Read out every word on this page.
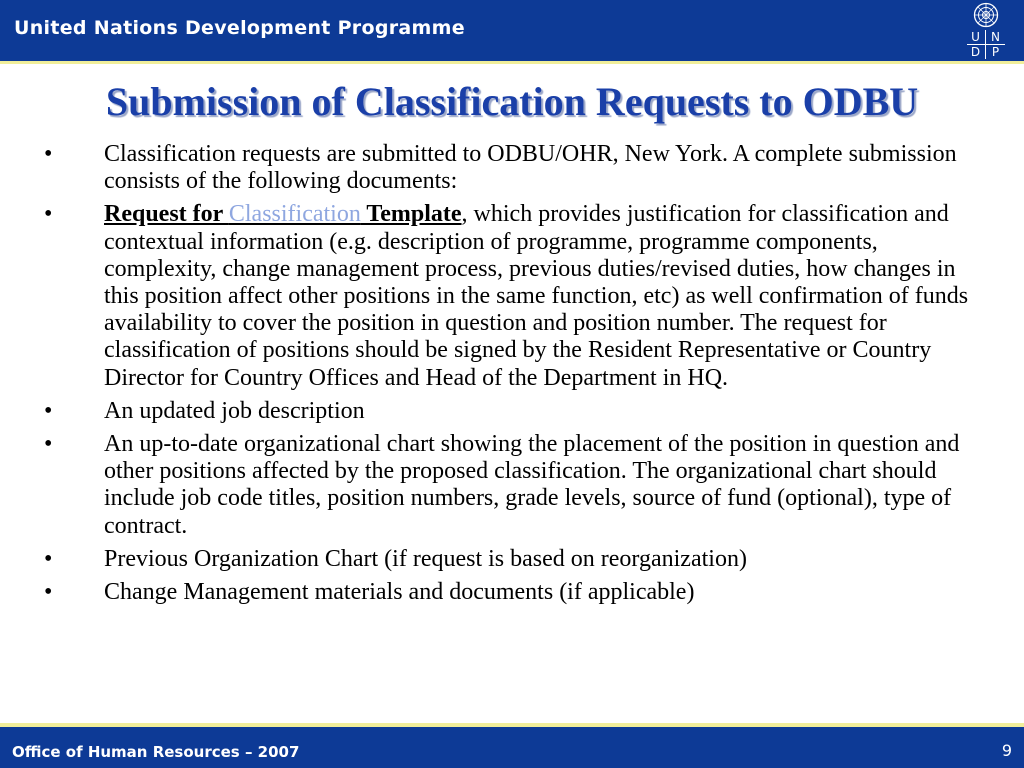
United Nations Development Programme	U N
D P
Submission of Classification Requests to ODBU
• Classification requests are submitted to ODBU/OHR, New York. A complete submission consists of the following documents:
• Request for Classification Template, which provides justification for classification and contextual information (e.g. description of programme, programme components, complexity, change management process, previous duties/revised duties, how changes in this position affect other positions in the same function, etc) as well confirmation of funds availability to cover the position in question and position number. The request for classification of positions should be signed by the Resident Representative or Country Director for Country Offices and Head of the Department in HQ.
• An updated job description
• An up-to-date organizational chart showing the placement of the position in question and other positions affected by the proposed classification. The organizational chart should include job code titles, position numbers, grade levels, source of fund (optional), type of contract.
• Previous Organization Chart (if request is based on reorganization)
• Change Management materials and documents (if applicable)
Office of Human Resources – 2007	9
